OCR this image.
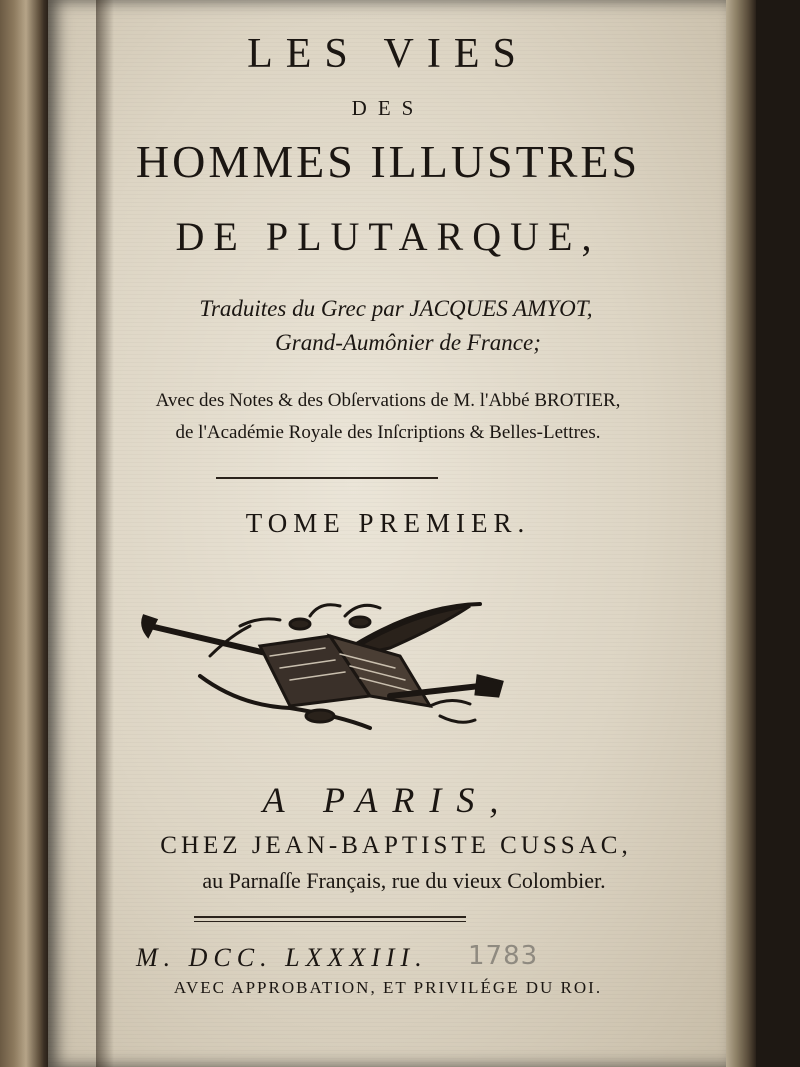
LES VIES

DES

HOMMES ILLUSTRES

DE PLUTARQUE,

Traduites du Grec par JACQUES AMYOT,

Grand-Aumônier de France;

Avec des Notes & des Obſervations de M. l'Abbé BROTIER,

de l'Académie Royale des Inſcriptions & Belles-Lettres.

TOME PREMIER.

A PARIS,

CHEZ JEAN-BAPTISTE CUSSAC,

au Parnaſſe Français, rue du vieux Colombier.

M. DCC. LXXXIII.	1783

AVEC APPROBATION, ET PRIVILÉGE DU ROI.
